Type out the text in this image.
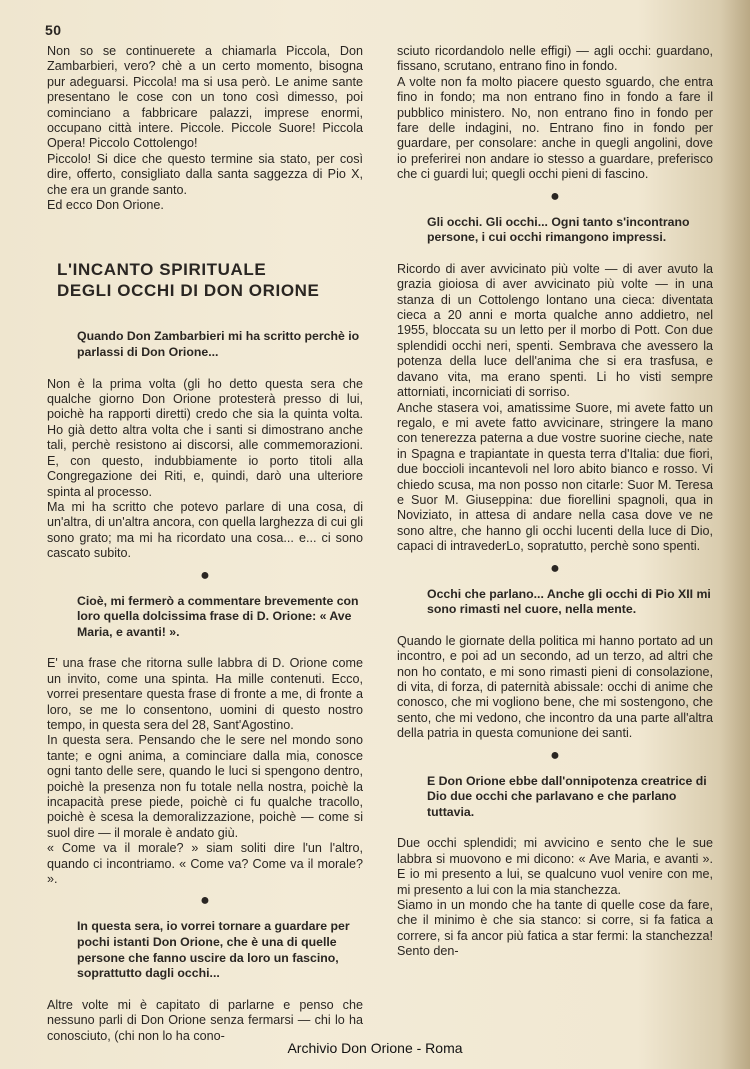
50

Non so se continuerete a chiamarla Piccola, Don Zambarbieri, vero? chè a un certo momento, bisogna pur adeguarsi. Piccola! ma si usa però. Le anime sante presentano le cose con un tono così dimesso, poi cominciano a fabbricare palazzi, imprese enormi, occupano città intere. Piccole. Piccole Suore! Piccola Opera! Piccolo Cottolengo!

Piccolo! Si dice che questo termine sia stato, per così dire, offerto, consigliato dalla santa saggezza di Pio X, che era un grande santo.

Ed ecco Don Orione.

L'INCANTO SPIRITUALE
DEGLI OCCHI DI DON ORIONE

Quando Don Zambarbieri mi ha scritto perchè io parlassi di Don Orione...

Non è la prima volta (gli ho detto questa sera che qualche giorno Don Orione protesterà presso di lui, poichè ha rapporti diretti) credo che sia la quinta volta. Ho già detto altra volta che i santi si dimostrano anche tali, perchè resistono ai discorsi, alle commemorazioni. E, con questo, indubbiamente io porto titoli alla Congregazione dei Riti, e, quindi, darò una ulteriore spinta al processo.

Ma mi ha scritto che potevo parlare di una cosa, di un'altra, di un'altra ancora, con quella larghezza di cui gli sono grato; ma mi ha ricordato una cosa... e... ci sono cascato subito.

●

Cioè, mi fermerò a commentare brevemente con loro quella dolcissima frase di D. Orione: « Ave Maria, e avanti! ».

E' una frase che ritorna sulle labbra di D. Orione come un invito, come una spinta. Ha mille contenuti. Ecco, vorrei presentare questa frase di fronte a me, di fronte a loro, se me lo consentono, uomini di questo nostro tempo, in questa sera del 28, Sant'Agostino.

In questa sera. Pensando che le sere nel mondo sono tante; e ogni anima, a cominciare dalla mia, conosce ogni tanto delle sere, quando le luci si spengono dentro, poichè la presenza non fu totale nella nostra, poichè la incapacità prese piede, poichè ci fu qualche tracollo, poichè è scesa la demoralizzazione, poichè — come si suol dire — il morale è andato giù.

« Come va il morale? » siam soliti dire l'un l'altro, quando ci incontriamo. « Come va? Come va il morale? ».

●

In questa sera, io vorrei tornare a guardare per pochi istanti Don Orione, che è una di quelle persone che fanno uscire da loro un fascino, soprattutto dagli occhi...

Altre volte mi è capitato di parlarne e penso che nessuno parli di Don Orione senza fermarsi — chi lo ha conosciuto, (chi non lo ha cono-

sciuto ricordandolo nelle effigi) — agli occhi: guardano, fissano, scrutano, entrano fino in fondo.

A volte non fa molto piacere questo sguardo, che entra fino in fondo; ma non entrano fino in fondo a fare il pubblico ministero. No, non entrano fino in fondo per fare delle indagini, no. Entrano fino in fondo per guardare, per consolare: anche in quegli angolini, dove io preferirei non andare io stesso a guardare, preferisco che ci guardi lui; quegli occhi pieni di fascino.

●

Gli occhi. Gli occhi... Ogni tanto s'incontrano persone, i cui occhi rimangono impressi.

Ricordo di aver avvicinato più volte — di aver avuto la grazia gioiosa di aver avvicinato più volte — in una stanza di un Cottolengo lontano una cieca: diventata cieca a 20 anni e morta qualche anno addietro, nel 1955, bloccata su un letto per il morbo di Pott. Con due splendidi occhi neri, spenti. Sembrava che avessero la potenza della luce dell'anima che si era trasfusa, e davano vita, ma erano spenti. Li ho visti sempre attorniati, incorniciati di sorriso.

Anche stasera voi, amatissime Suore, mi avete fatto un regalo, e mi avete fatto avvicinare, stringere la mano con tenerezza paterna a due vostre suorine cieche, nate in Spagna e trapiantate in questa terra d'Italia: due fiori, due boccioli incantevoli nel loro abito bianco e rosso. Vi chiedo scusa, ma non posso non citarle: Suor M. Teresa e Suor M. Giuseppina: due fiorellini spagnoli, qua in Noviziato, in attesa di andare nella casa dove ve ne sono altre, che hanno gli occhi lucenti della luce di Dio, capaci di intravederLo, sopratutto, perchè sono spenti.

●

Occhi che parlano... Anche gli occhi di Pio XII mi sono rimasti nel cuore, nella mente.

Quando le giornate della politica mi hanno portato ad un incontro, e poi ad un secondo, ad un terzo, ad altri che non ho contato, e mi sono rimasti pieni di consolazione, di vita, di forza, di paternità abissale: occhi di anime che conosco, che mi vogliono bene, che mi sostengono, che sento, che mi vedono, che incontro da una parte all'altra della patria in questa comunione dei santi.

●

E Don Orione ebbe dall'onnipotenza creatrice di Dio due occhi che parlavano e che parlano tuttavia.

Due occhi splendidi; mi avvicino e sento che le sue labbra si muovono e mi dicono: « Ave Maria, e avanti ». E io mi presento a lui, se qualcuno vuol venire con me, mi presento a lui con la mia stanchezza.

Siamo in un mondo che ha tante di quelle cose da fare, che il minimo è che sia stanco: si corre, si fa fatica a correre, si fa ancor più fatica a star fermi: la stanchezza! Sento den-

Archivio Don Orione - Roma
